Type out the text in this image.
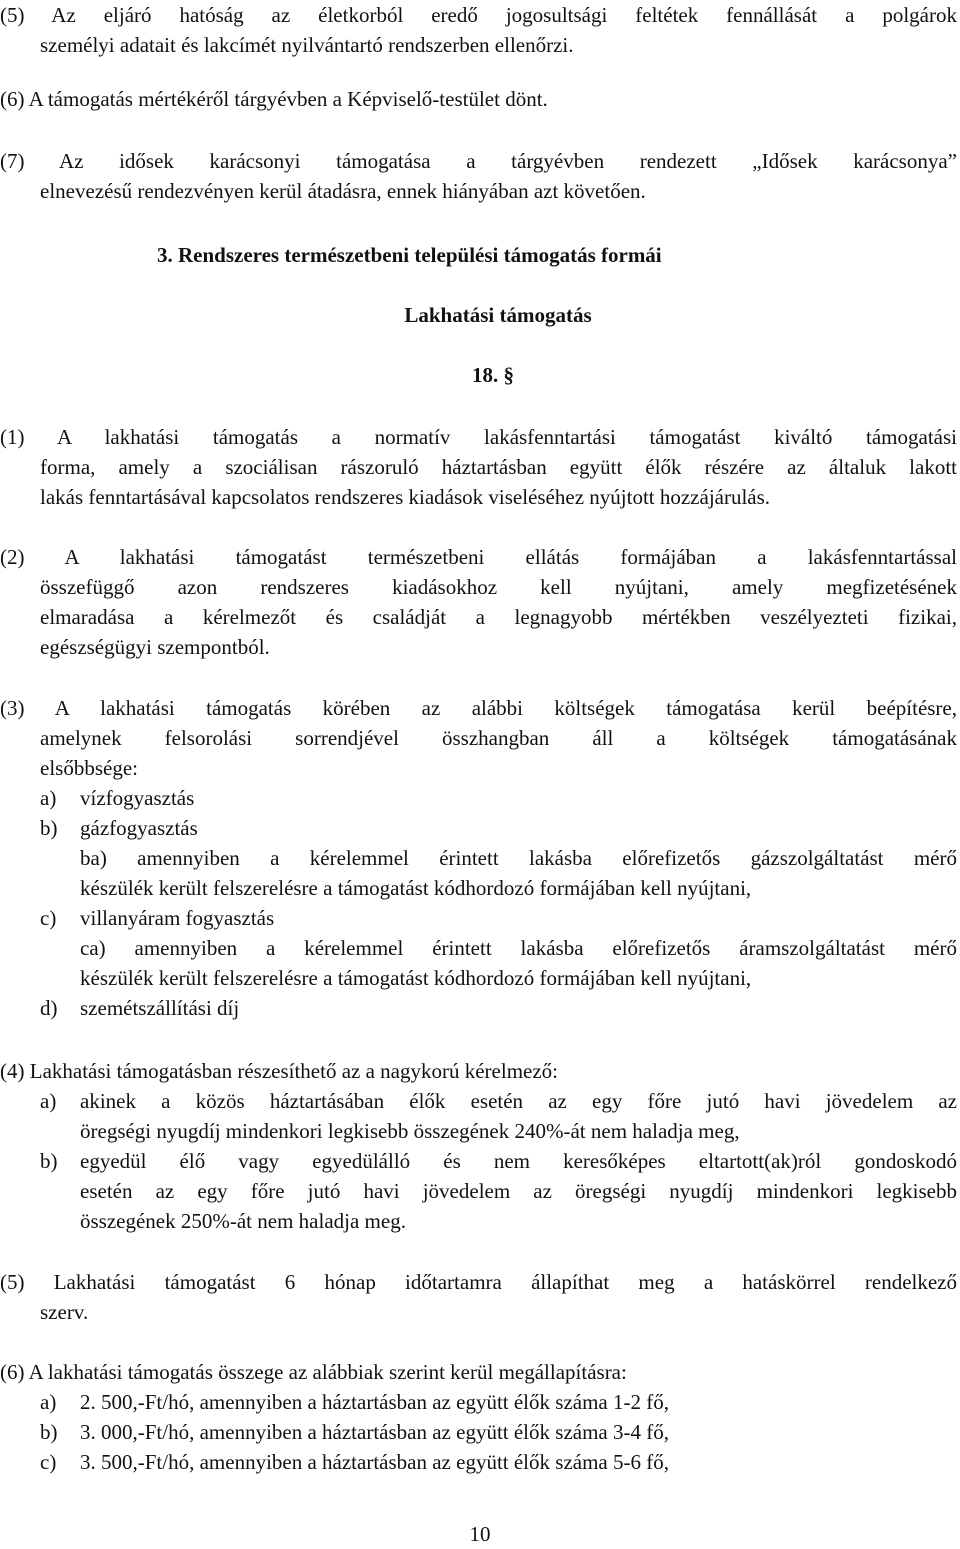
(5) Az eljáró hatóság az életkorból eredő jogosultsági feltétek fennállását a polgárok
személyi adatait és lakcímét nyilvántartó rendszerben ellenőrzi.
(6) A támogatás mértékéről tárgyévben a Képviselő-testület dönt.
(7) Az idősek karácsonyi támogatása a tárgyévben rendezett „Idősek karácsonya”
elnevezésű rendezvényen kerül átadásra, ennek hiányában azt követően.
3. Rendszeres természetbeni települési támogatás formái
Lakhatási támogatás
18. §
(1) A lakhatási támogatás a normatív lakásfenntartási támogatást kiváltó támogatási
forma, amely a szociálisan rászoruló háztartásban együtt élők részére az általuk lakott
lakás fenntartásával kapcsolatos rendszeres kiadások viseléséhez nyújtott hozzájárulás.
(2) A lakhatási támogatást természetbeni ellátás formájában a lakásfenntartással
összefüggő azon rendszeres kiadásokhoz kell nyújtani, amely megfizetésének
elmaradása a kérelmezőt és családját a legnagyobb mértékben veszélyezteti fizikai,
egészségügyi szempontból.
(3) A lakhatási támogatás körében az alábbi költségek támogatása kerül beépítésre,
amelynek felsorolási sorrendjével összhangban áll a költségek támogatásának
elsőbbsége:
a)	vízfogyasztás
b)	gázfogyasztás
ba) amennyiben a kérelemmel érintett lakásba előrefizetős gázszolgáltatást mérő
készülék került felszerelésre a támogatást kódhordozó formájában kell nyújtani,
c)	villanyáram fogyasztás
ca) amennyiben a kérelemmel érintett lakásba előrefizetős áramszolgáltatást mérő
készülék került felszerelésre a támogatást kódhordozó formájában kell nyújtani,
d)	szemétszállítási díj
(4) Lakhatási támogatásban részesíthető az a nagykorú kérelmező:
a)	akinek a közös háztartásában élők esetén az egy főre jutó havi jövedelem az
öregségi nyugdíj mindenkori legkisebb összegének 240%-át nem haladja meg,
b)	egyedül élő vagy egyedülálló és nem keresőképes eltartott(ak)ról gondoskodó
esetén az egy főre jutó havi jövedelem az öregségi nyugdíj mindenkori legkisebb
összegének 250%-át nem haladja meg.
(5) Lakhatási támogatást 6 hónap időtartamra állapíthat meg a hatáskörrel rendelkező
szerv.
(6) A lakhatási támogatás összege az alábbiak szerint kerül megállapításra:
a)	2. 500,-Ft/hó, amennyiben a háztartásban az együtt élők száma 1-2 fő,
b)	3. 000,-Ft/hó, amennyiben a háztartásban az együtt élők száma 3-4 fő,
c)	3. 500,-Ft/hó, amennyiben a háztartásban az együtt élők száma 5-6 fő,
10
